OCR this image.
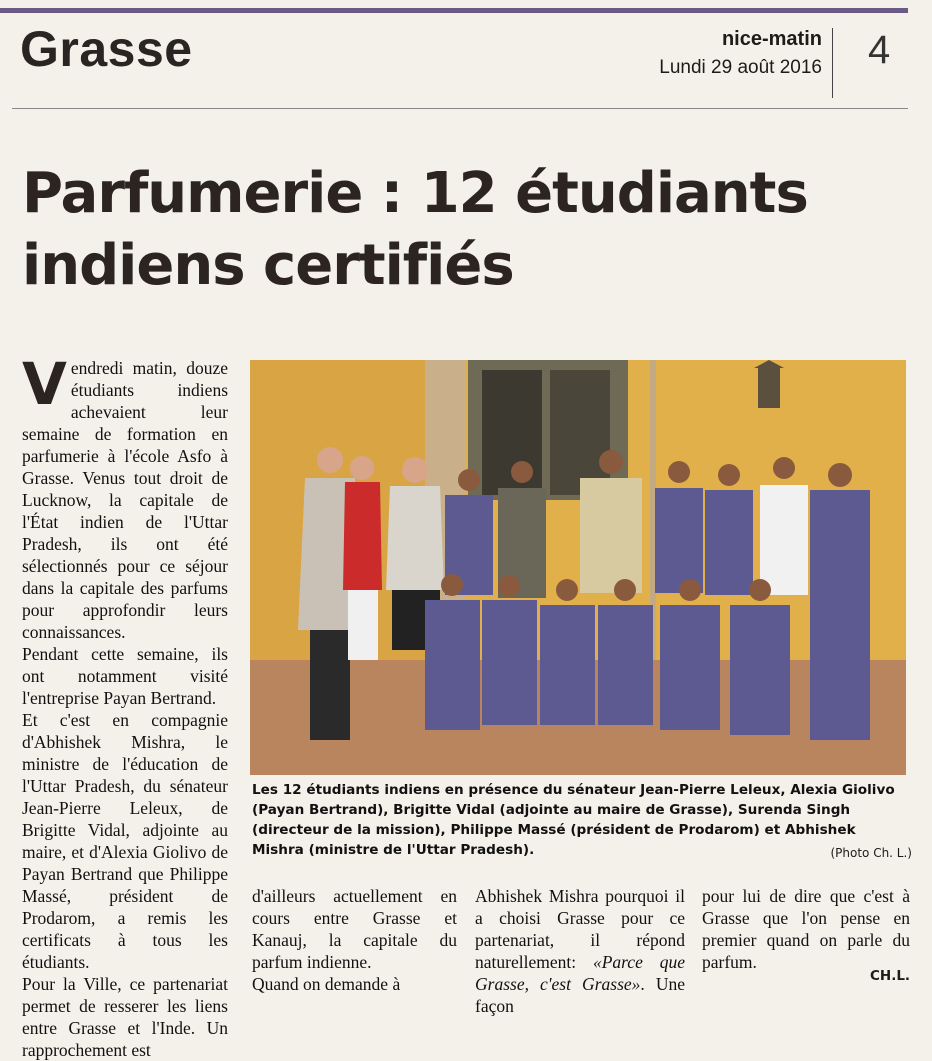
Grasse	nice-matin
Lundi 29 août 2016 4
Parfumerie : 12 étudiants
indiens certifiés

Vendredi matin, douze étudiants indiens achevaient leur semaine de formation en parfumerie à l'école Asfo à Grasse. Venus tout droit de Lucknow, la capitale de l'État indien de l'Uttar Pradesh, ils ont été sélectionnés pour ce séjour dans la capitale des parfums pour approfondir leurs connaissances.

Pendant cette semaine, ils ont notamment visité l'entreprise Payan Bertrand.

Et c'est en compagnie d'Abhishek Mishra, le ministre de l'éducation de l'Uttar Pradesh, du sénateur Jean-Pierre Leleux, de Brigitte Vidal, adjointe au maire, et d'Alexia Giolivo de Payan Bertrand que Philippe Massé, président de Prodarom, a remis les certificats à tous les étudiants.

Pour la Ville, ce partenariat permet de resserer les liens entre Grasse et l'Inde. Un rapprochement est

Les 12 étudiants indiens en présence du sénateur Jean-Pierre Leleux, Alexia Giolivo (Payan Bertrand), Brigitte Vidal (adjointe au maire de Grasse), Surenda Singh (directeur de la mission), Philippe Massé (président de Prodarom) et Abhishek Mishra (ministre de l'Uttar Pradesh).	(Photo Ch. L.)

d'ailleurs actuellement en cours entre Grasse et Kanauj, la capitale du parfum indienne.

Quand on demande à

Abhishek Mishra pourquoi il a choisi Grasse pour ce partenariat, il répond naturellement: «Parce que Grasse, c'est Grasse». Une façon

pour lui de dire que c'est à Grasse que l'on pense en premier quand on parle du parfum.

CH.L.
